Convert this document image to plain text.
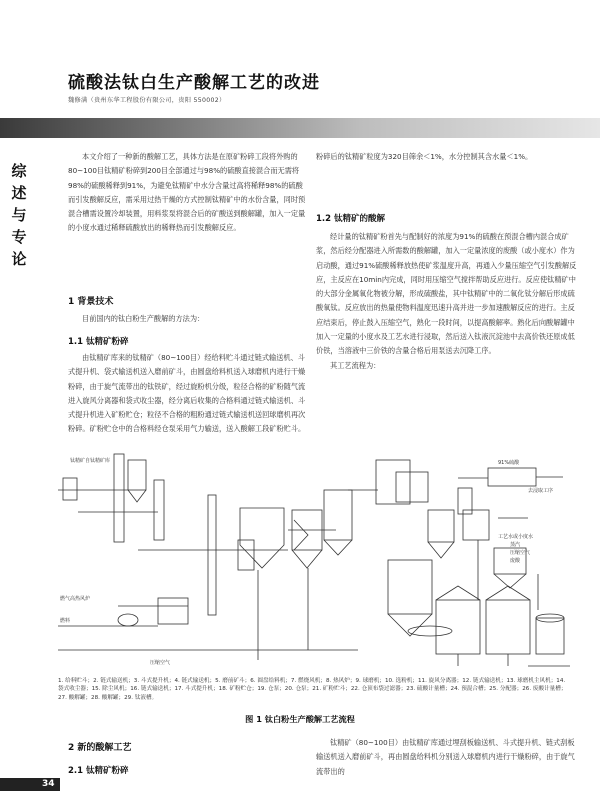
硫酸法钛白生产酸解工艺的改进
魏修满（贵州东华工程股份有限公司，贵阳 550002）
综
述
与
专
论

本文介绍了一种新的酸解工艺，具体方法是在原矿粉碎工段将外购的80~100目钛精矿粉碎到200目全部通过与98%的硫酸直接混合而无需将98%的硫酸稀释到91%，为避免钛精矿中水分含量过高将稀释98%的硫酸而引发酸解反应，需采用过热干燥的方式控制钛精矿中的水份含量，同时预混合槽需设置冷却装置，用料浆泵将混合后的矿酸送到酸解罐，加入一定量的小度水通过稀释硫酸放出的稀释热而引发酸解反应。

1 背景技术

目前国内的钛白粉生产酸解的方法为：

1.1 钛精矿粉碎

由钛精矿库来的钛精矿（80~100目）经给料贮斗通过链式输送机、斗式提升机、袋式输送机送入磨前矿斗，由圆盘给料机送入球磨机内进行干燥粉碎，由于旋气流带出的钛铁矿，经过旋粉机分级，粒径合格的矿粉随气流进入旋风分离器和袋式收尘器，经分离后收集的合格料通过链式输送机、斗式提升机进入矿粉贮仓；粒径不合格的粗粉通过链式输送机送回球磨机再次粉碎。矿粉贮仓中的合格料经仓泵采用气力输送，送入酸解工段矿粉贮斗。

粉碎后的钛精矿粒度为320目筛余＜1%，水分控制其含水量＜1%。

1.2 钛精矿的酸解

经计量的钛精矿粉首先与配制好的浓度为91%的硫酸在预混合槽内混合成矿浆，然后经分配器进入所需数的酸解罐，加入一定量浓度的废酸（或小度水）作为启动酸，通过91%硫酸稀释放热使矿浆温度升高，再通入少量压缩空气引发酸解反应，主反应在10min内完成，同时用压缩空气搅拌帮助反应进行。反应使钛精矿中的大部分金属氧化物被分解，形成硫酸盐，其中钛精矿中的二氧化钛分解后形成硫酸氧钛。反应放出的热量使物料温度迅速升高并进一步加速酸解反应的进行。主反应结束后，停止鼓入压缩空气，熟化一段时间，以提高酸解率。熟化后向酸解罐中加入一定量的小度水及工艺水进行浸取，然后送入钛液沉淀池中去高价铁还原成低价铁，当溶液中三价铁的含量合格后用泵送去沉降工序。

其工艺流程为：

钛精矿自钛精矿库	91%硫酸
去浸取工序
压缩空气
燃料
燃气高热风炉
工艺水或小度水
蒸汽
压缩空气
废酸
1. 给料贮斗；2. 链式输送机；3. 斗式提升机；4. 链式输送机；5. 磨前矿斗；6. 圆盘给料机；7. 燃烧风机；8. 热风炉；9. 球磨机；10. 选粉机；11. 旋风分离器；12. 链式输送机；13. 球磨机主风机；14. 袋式收尘器；15. 除尘风机；16. 链式输送机；17. 斗式提升机；18. 矿粉贮仓；19. 仓泵；20. 仓泵；21. 矿粉贮斗；22. 仓顶布袋过滤器；23. 硫酸计量槽；24. 预混合槽；25. 分配器；26. 废酸计量槽；27. 酸解罐；28. 酸解罐；29. 钛液槽。
图 1 钛白粉生产酸解工艺流程
2 新的酸解工艺
2.1 钛精矿粉碎

钛精矿（80~100目）由钛精矿库通过埋刮板输送机、斗式提升机、链式刮板输送机送入磨前矿斗，再由圆盘给料机分别送入球磨机内进行干燥粉碎，由于旋气流带出的

34
